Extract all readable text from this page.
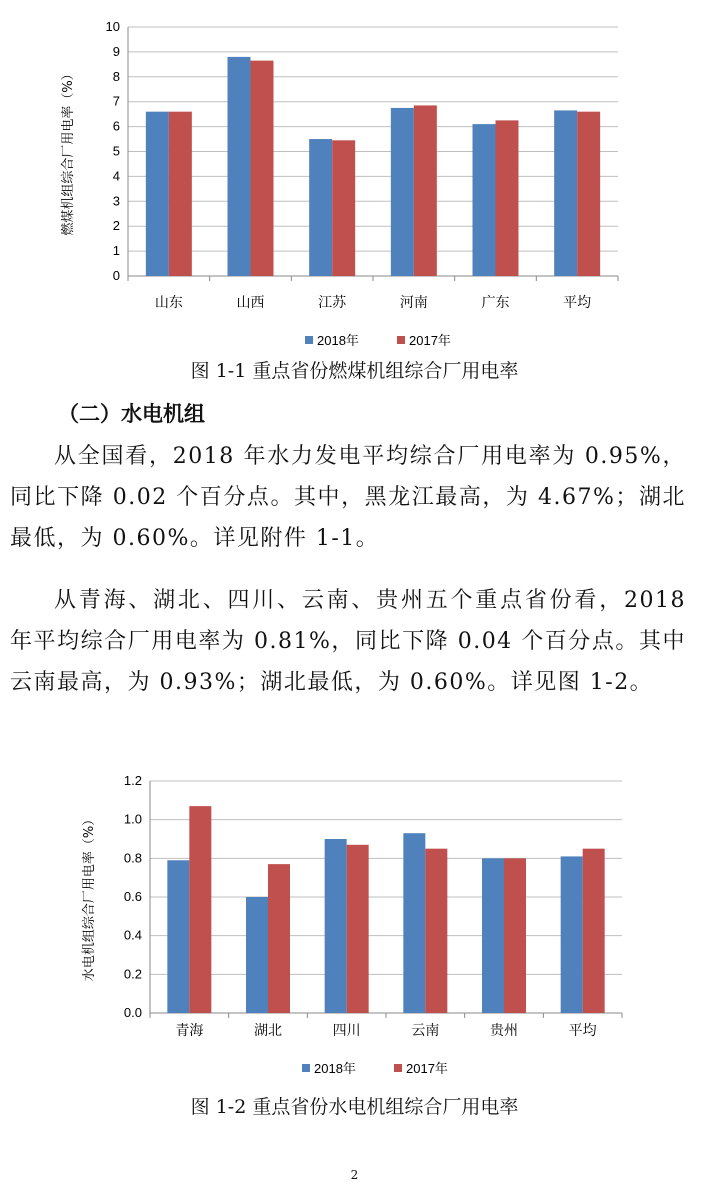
0
1
2
3
4
5
6
7
8
9
10
山东	山西	江苏	河南	广东	平均
燃煤机组综合厂用电率（%）
2018年	2017年
图 1-1 重点省份燃煤机组综合厂用电率
（二）水电机组
从全国看，2018 年水力发电平均综合厂用电率为 0.95%，同比下降 0.02 个百分点。其中，黑龙江最高，为 4.67%；湖北最低，为 0.60%。详见附件 1-1。
从青海、湖北、四川、云南、贵州五个重点省份看，2018 年平均综合厂用电率为 0.81%，同比下降 0.04 个百分点。其中云南最高，为 0.93%；湖北最低，为 0.60%。详见图 1-2。
0.0
0.2
0.4
0.6
0.8
1.0
1.2
青海	湖北	四川	云南	贵州	平均
水电机组综合厂用电率（%）
2018年	2017年
图 1-2 重点省份水电机组综合厂用电率
2
